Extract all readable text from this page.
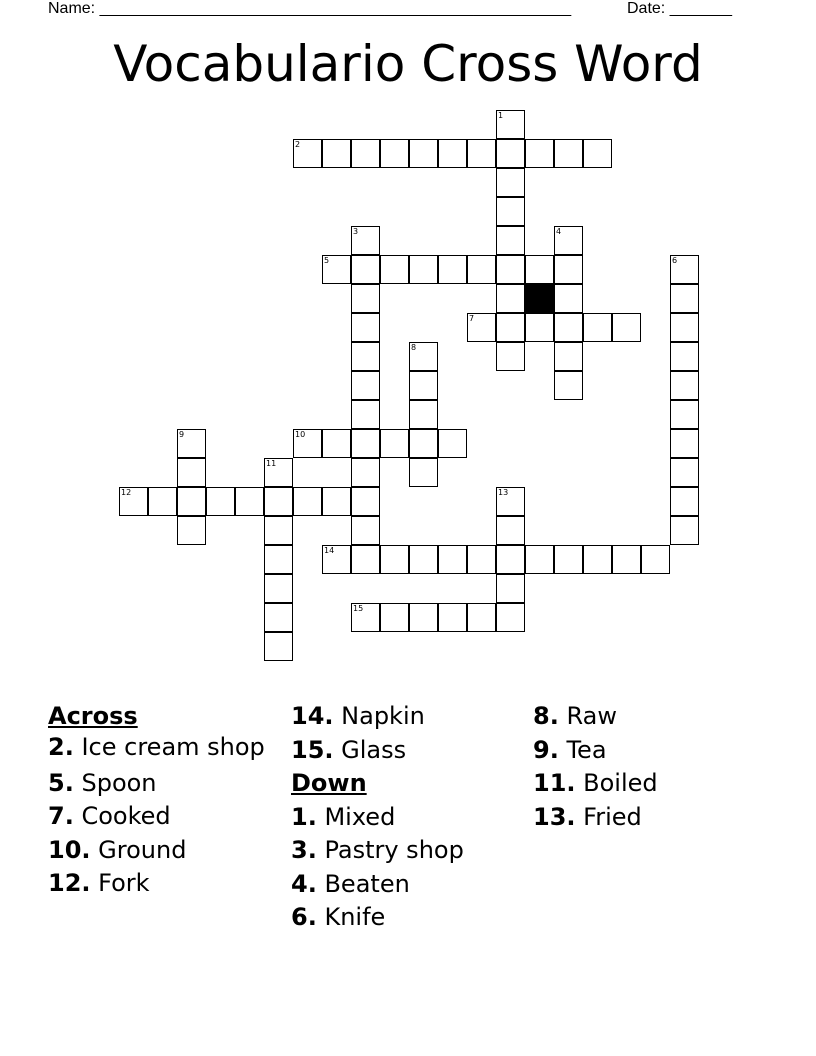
Name: _____________________________________________________	Date: _______
Vocabulario Cross Word
1
2
3	4
5	6
7
8
9	10
11
12	13
14
15
Across
2. Ice cream shop
5. Spoon
7. Cooked
10. Ground
12. Fork
14. Napkin
15. Glass
Down
1. Mixed
3. Pastry shop
4. Beaten
6. Knife
8. Raw
9. Tea
11. Boiled
13. Fried
